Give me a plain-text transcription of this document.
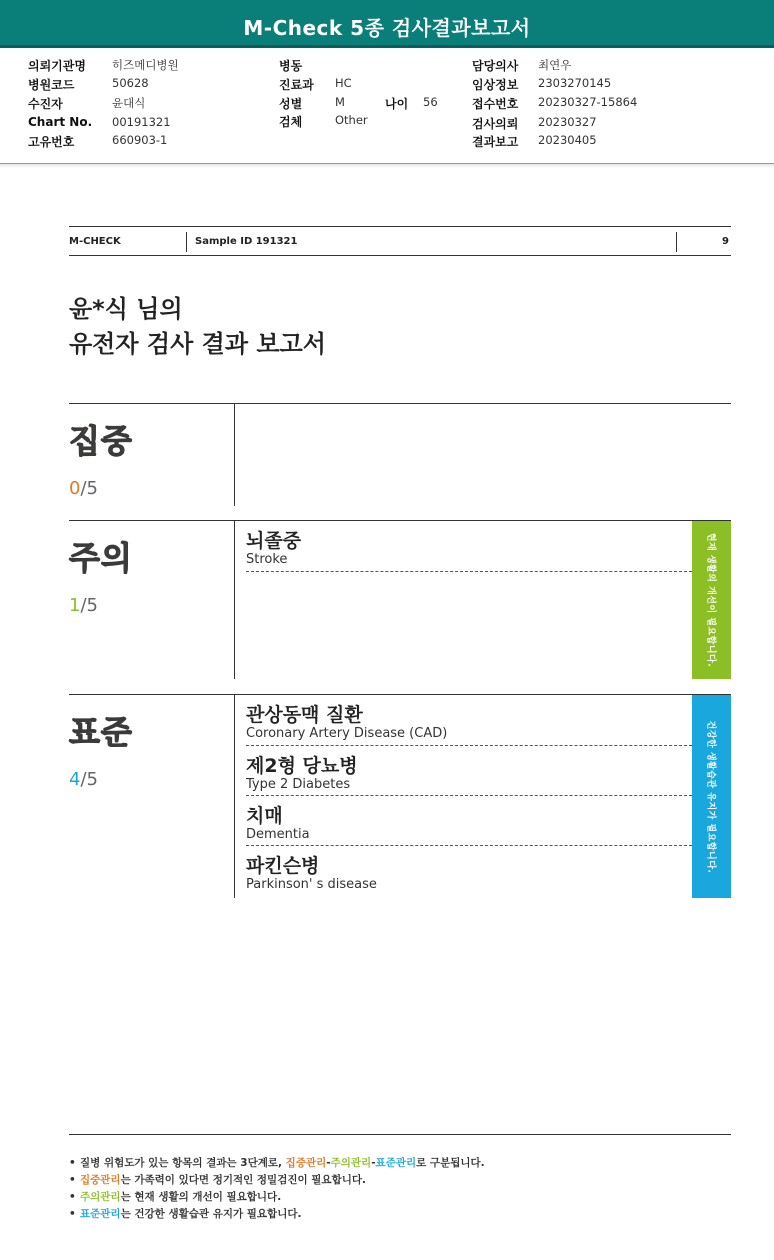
M-Check 5종 검사결과보고서
의뢰기관명 히즈메디병원	병동	담당의사 최연우
병원코드	50628	진료과 HC	임상정보 2303270145
수진자	윤대식	성별	M	나이 56	접수번호 20230327-15864
Chart No. 00191321	검체	Other	검사의뢰 20230327
고유번호	660903-1	결과보고 20230405
M-CHECK	Sample ID 191321	9
윤*식 님의
유전자 검사 결과 보고서
집중
0/5
주의
1/5
뇌졸중
Stroke	현재 생활의 개선이 필요합니다.
표준
4/5
관상동맥 질환
Coronary Artery Disease (CAD)
제2형 당뇨병
Type 2 Diabetes
치매
Dementia
파킨슨병
Parkinson' s disease
건강한 생활습관 유지가 필요합니다.
• 질병 위험도가 있는 항목의 결과는 3단계로, 집중관리-주의관리-표준관리로 구분됩니다.
• 집중관리는 가족력이 있다면 정기적인 정밀검진이 필요합니다.
• 주의관리는 현재 생활의 개선이 필요합니다.
• 표준관리는 건강한 생활습관 유지가 필요합니다.
